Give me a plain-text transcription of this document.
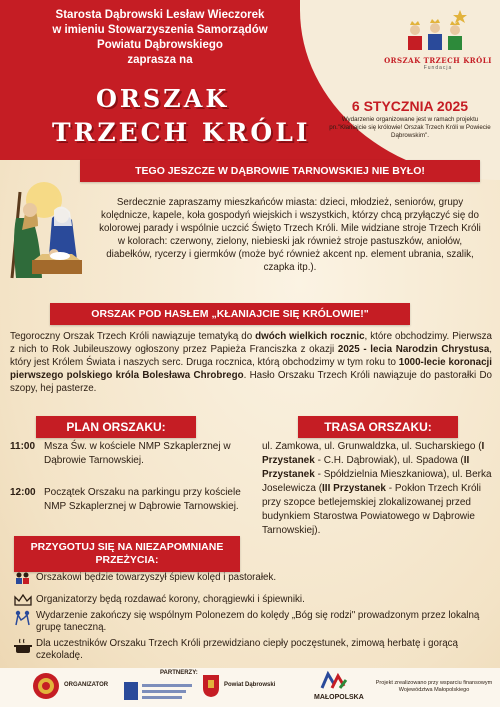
Starosta Dąbrowski Lesław Wieczorek
w imieniu Stowarzyszenia Samorządów
Powiatu Dąbrowskiego
zaprasza na
ORSZAK
TRZECH KRÓLI
ORSZAK TRZECH KRÓLI
Fundacja
6 STYCZNIA 2025
Wydarzenie organizowane jest w ramach projektu pn."Kłaniajcie się królowie! Orszak Trzech Króli w Powiecie Dąbrowskim".
TEGO JESZCZE W DĄBROWIE TARNOWSKIEJ NIE BYŁO!
Serdecznie zapraszamy mieszkańców miasta: dzieci, młodzież, seniorów, grupy kolędnicze, kapele, koła gospodyń wiejskich i wszystkich, którzy chcą przyłączyć się do kolorowej parady i wspólnie uczcić Święto Trzech Króli. Mile widziane stroje Trzech Króli w kolorach: czerwony, zielony, niebieski jak również stroje pastuszków, aniołów, diabełków, rycerzy i giermków (może być również akcent np. element ubrania, szalik, czapka itp.).
ORSZAK POD HASŁEM „KŁANIAJCIE SIĘ KRÓLOWIE!"
Tegoroczny Orszak Trzech Króli nawiązuje tematyką do dwóch wielkich rocznic, które obchodzimy. Pierwsza z nich to Rok Jubileuszowy ogłoszony przez Papieża Franciszka z okazji 2025 - lecia Narodzin Chrystusa, który jest Królem Świata i naszych serc. Druga rocznica, którą obchodzimy w tym roku to 1000-lecie koronacji pierwszego polskiego króla Bolesława Chrobrego. Hasło Orszaku Trzech Króli nawiązuje do pastorałki Do szopy, hej pasterze.
PLAN ORSZAKU:	TRASA ORSZAKU:
11:00 Msza Św. w kościele NMP Szkaplerznej w Dąbrowie Tarnowskiej.
12:00 Początek Orszaku na parkingu przy kościele NMP Szkaplerznej w Dąbrowie Tarnowskiej.
ul. Zamkowa, ul. Grunwaldzka, ul. Sucharskiego (I Przystanek - C.H. Dąbrowiak), ul. Spadowa (II Przystanek - Spółdzielnia Mieszkaniowa), ul. Berka Joselewicza (III Przystanek - Pokłon Trzech Króli przy szopce betlejemskiej zlokalizowanej przed budynkiem Starostwa Powiatowego w Dąbrowie Tarnowskiej).
PRZYGOTUJ SIĘ NA NIEZAPOMNIANE
PRZEŻYCIA:
Orszakowi będzie towarzyszył śpiew kolęd i pastorałek.
Organizatorzy będą rozdawać korony, chorągiewki i śpiewniki.
Wydarzenie zakończy się wspólnym Polonezem do kolędy „Bóg się rodzi" prowadzonym przez lokalną grupę taneczną.
Dla uczestników Orszaku Trzech Króli przewidziano ciepły poczęstunek, zimową herbatę i gorącą czekoladę.
ORGANIZATOR
PARTNERZY:
Powiat Dąbrowski
MAŁOPOLSKA
Projekt zrealizowano przy wsparciu finansowym Województwa Małopolskiego
